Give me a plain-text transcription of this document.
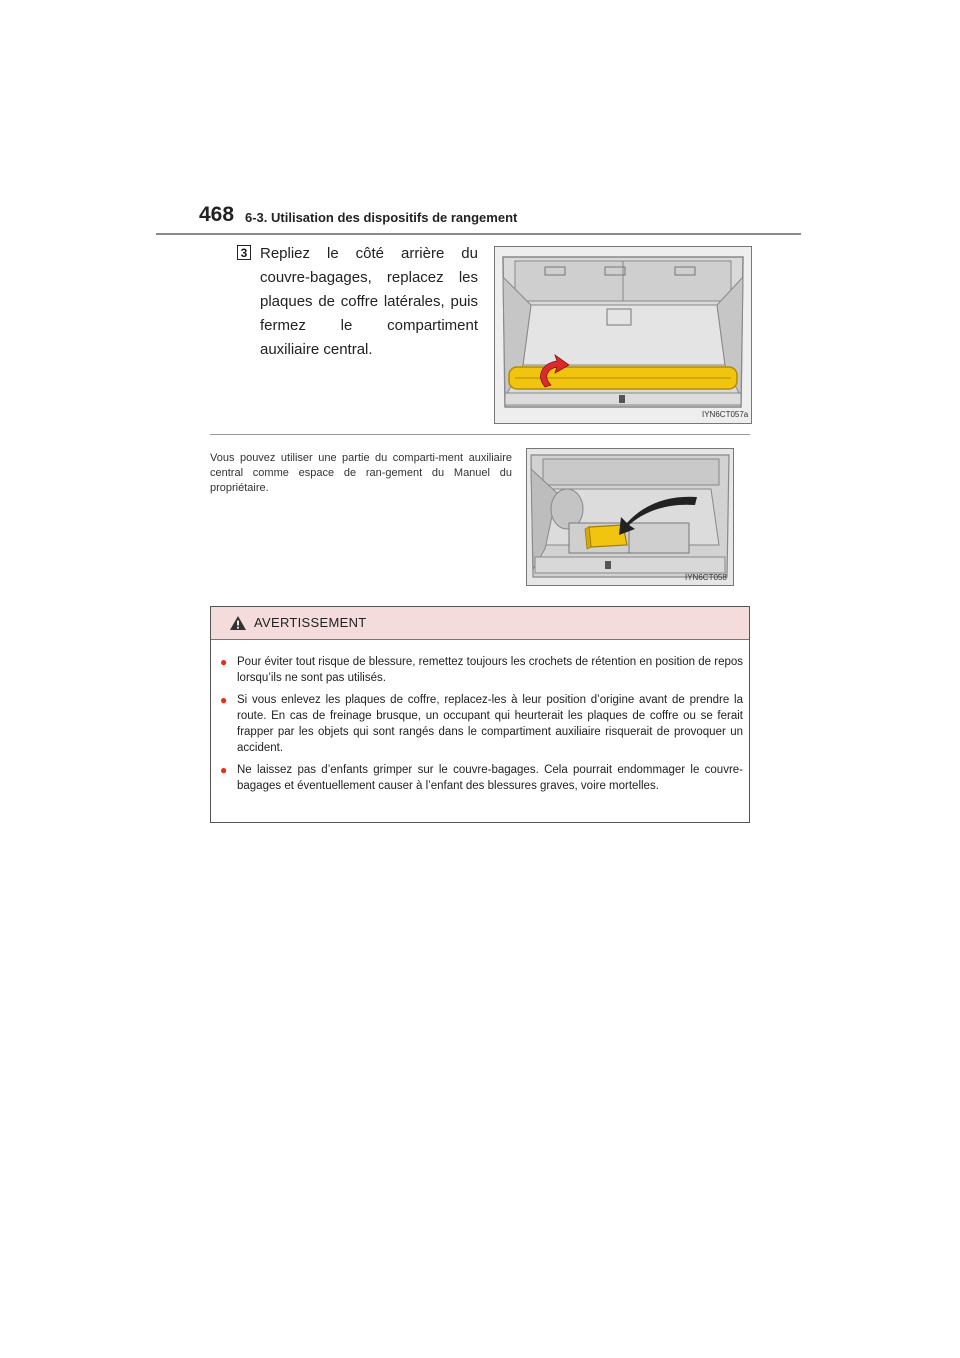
468 6-3. Utilisation des dispositifs de rangement
3 Repliez le côté arrière du couvre-bagages, replacez les plaques de coffre latérales, puis fermez le compartiment auxiliaire central.
IYN6CT057a
Vous pouvez utiliser une partie du comparti-ment auxiliaire central comme espace de ran-gement du Manuel du propriétaire.
IYN6CT058
AVERTISSEMENT
● Pour éviter tout risque de blessure, remettez toujours les crochets de rétention en position de repos lorsqu’ils ne sont pas utilisés.
● Si vous enlevez les plaques de coffre, replacez-les à leur position d’origine avant de prendre la route. En cas de freinage brusque, un occupant qui heurterait les plaques de coffre ou se ferait frapper par les objets qui sont rangés dans le compartiment auxiliaire risquerait de provoquer un accident.
● Ne laissez pas d’enfants grimper sur le couvre-bagages. Cela pourrait endommager le couvre-bagages et éventuellement causer à l’enfant des blessures graves, voire mortelles.
